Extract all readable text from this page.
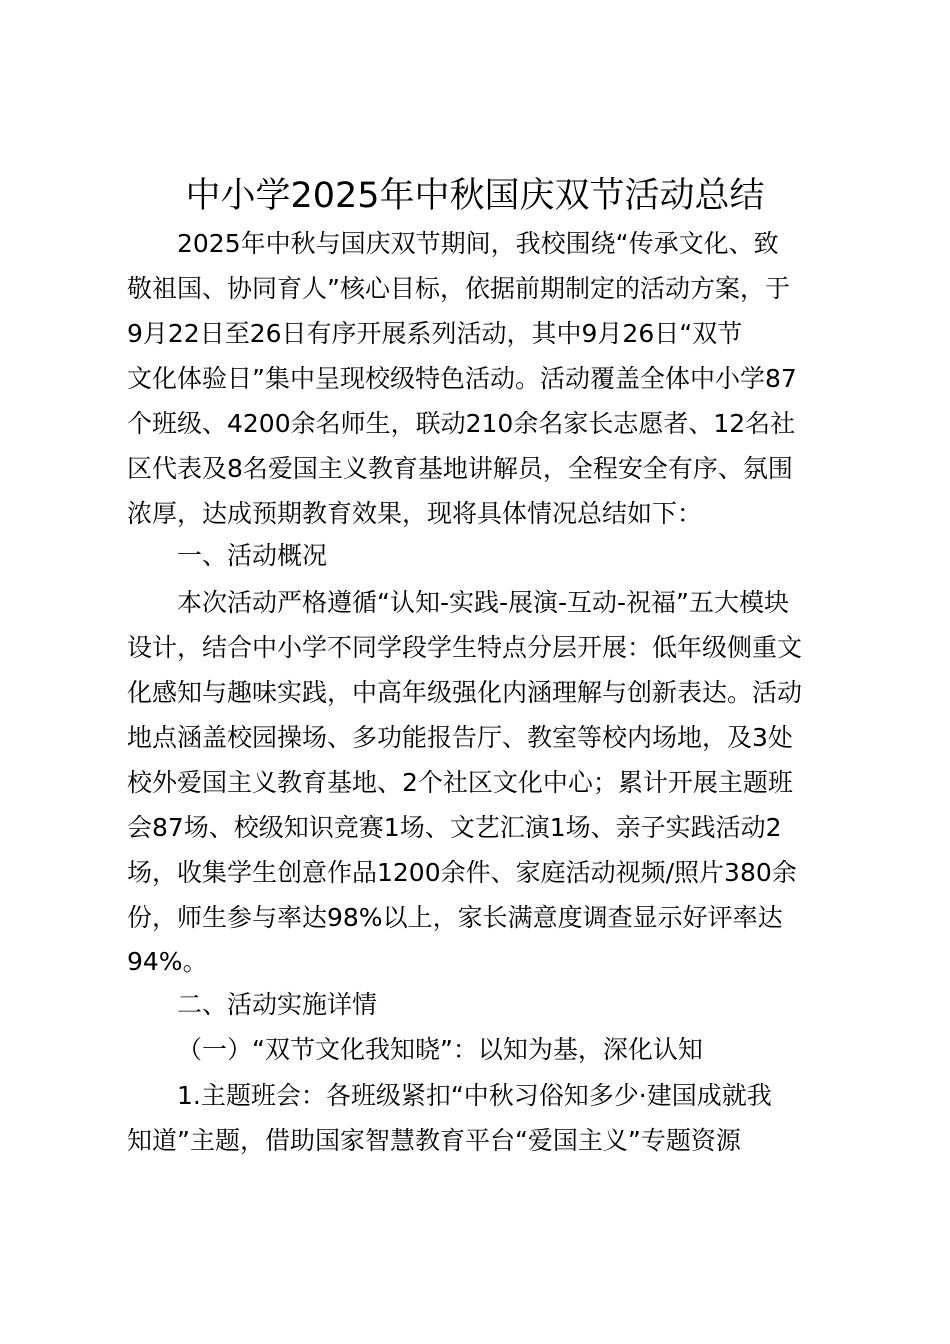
中小学2025年中秋国庆双节活动总结
2025年中秋与国庆双节期间，我校围绕“传承文化、致
敬祖国、协同育人”核心目标，依据前期制定的活动方案，于
9月22日至26日有序开展系列活动，其中9月26日“双节
文化体验日”集中呈现校级特色活动。活动覆盖全体中小学87
个班级、4200余名师生，联动210余名家长志愿者、12名社
区代表及8名爱国主义教育基地讲解员，全程安全有序、氛围
浓厚，达成预期教育效果，现将具体情况总结如下：
一、活动概况
本次活动严格遵循“认知-实践-展演-互动-祝福”五大模块
设计，结合中小学不同学段学生特点分层开展：低年级侧重文
化感知与趣味实践，中高年级强化内涵理解与创新表达。活动
地点涵盖校园操场、多功能报告厅、教室等校内场地，及3处
校外爱国主义教育基地、2个社区文化中心；累计开展主题班
会87场、校级知识竞赛1场、文艺汇演1场、亲子实践活动2
场，收集学生创意作品1200余件、家庭活动视频/照片380余
份，师生参与率达98%以上，家长满意度调查显示好评率达
94%。
二、活动实施详情
（一）“双节文化我知晓”：以知为基，深化认知
1.主题班会：各班级紧扣“中秋习俗知多少·建国成就我
知道”主题，借助国家智慧教育平台“爱国主义”专题资源
